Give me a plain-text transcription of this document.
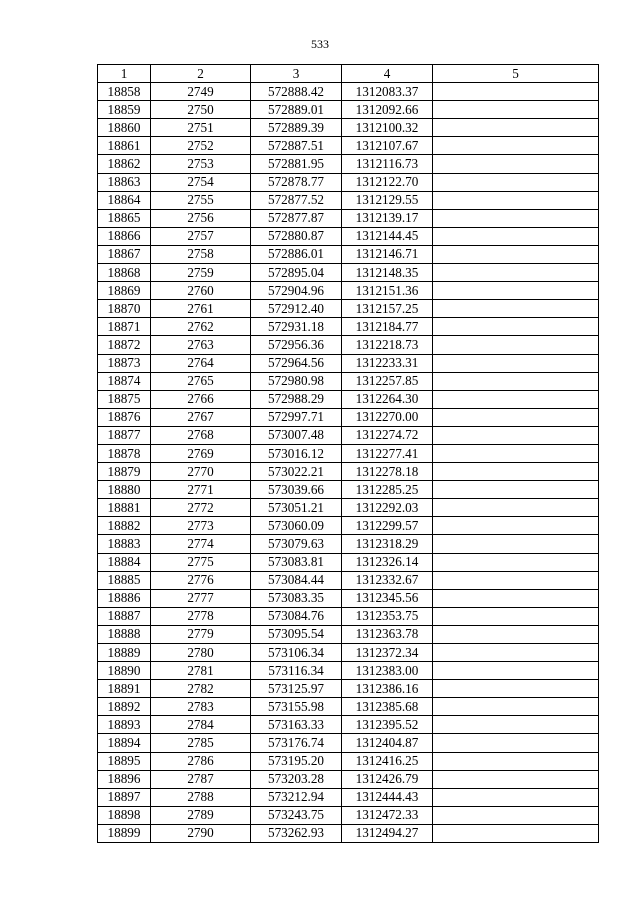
533
1	2	3	4	5
18858	2749	572888.42	1312083.37	
18859	2750	572889.01	1312092.66	
18860	2751	572889.39	1312100.32	
18861	2752	572887.51	1312107.67	
18862	2753	572881.95	1312116.73	
18863	2754	572878.77	1312122.70	
18864	2755	572877.52	1312129.55	
18865	2756	572877.87	1312139.17	
18866	2757	572880.87	1312144.45	
18867	2758	572886.01	1312146.71	
18868	2759	572895.04	1312148.35	
18869	2760	572904.96	1312151.36	
18870	2761	572912.40	1312157.25	
18871	2762	572931.18	1312184.77	
18872	2763	572956.36	1312218.73	
18873	2764	572964.56	1312233.31	
18874	2765	572980.98	1312257.85	
18875	2766	572988.29	1312264.30	
18876	2767	572997.71	1312270.00	
18877	2768	573007.48	1312274.72	
18878	2769	573016.12	1312277.41	
18879	2770	573022.21	1312278.18	
18880	2771	573039.66	1312285.25	
18881	2772	573051.21	1312292.03	
18882	2773	573060.09	1312299.57	
18883	2774	573079.63	1312318.29	
18884	2775	573083.81	1312326.14	
18885	2776	573084.44	1312332.67	
18886	2777	573083.35	1312345.56	
18887	2778	573084.76	1312353.75	
18888	2779	573095.54	1312363.78	
18889	2780	573106.34	1312372.34	
18890	2781	573116.34	1312383.00	
18891	2782	573125.97	1312386.16	
18892	2783	573155.98	1312385.68	
18893	2784	573163.33	1312395.52	
18894	2785	573176.74	1312404.87	
18895	2786	573195.20	1312416.25	
18896	2787	573203.28	1312426.79	
18897	2788	573212.94	1312444.43	
18898	2789	573243.75	1312472.33	
18899	2790	573262.93	1312494.27	
